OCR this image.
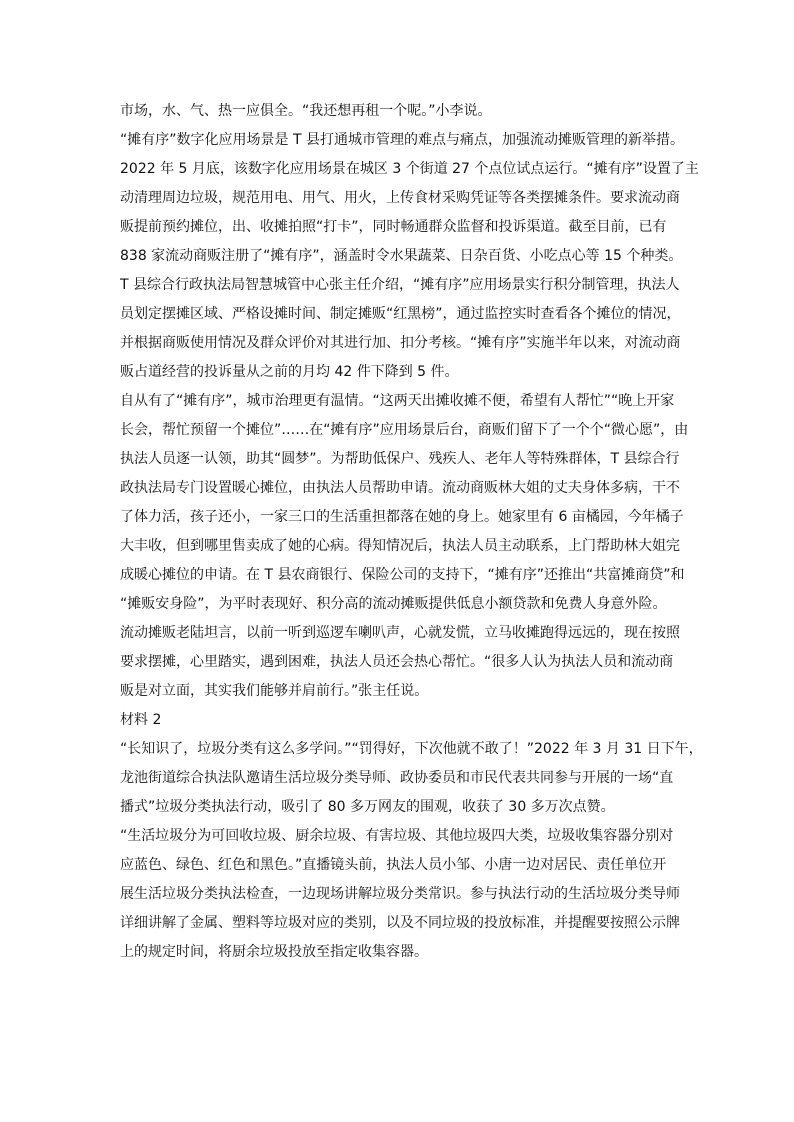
市场，水、气、热一应俱全。“我还想再租一个呢。”小李说。
“摊有序”数字化应用场景是 T 县打通城市管理的难点与痛点，加强流动摊贩管理的新举措。
2022 年 5 月底，该数字化应用场景在城区 3 个街道 27 个点位试点运行。“摊有序”设置了主
动清理周边垃圾，规范用电、用气、用火，上传食材采购凭证等各类摆摊条件。要求流动商
贩提前预约摊位，出、收摊拍照“打卡”，同时畅通群众监督和投诉渠道。截至目前，已有
838 家流动商贩注册了“摊有序”，涵盖时令水果蔬菜、日杂百货、小吃点心等 15 个种类。
T 县综合行政执法局智慧城管中心张主任介绍，“摊有序”应用场景实行积分制管理，执法人
员划定摆摊区域、严格设摊时间、制定摊贩“红黑榜”，通过监控实时查看各个摊位的情况，
并根据商贩使用情况及群众评价对其进行加、扣分考核。“摊有序”实施半年以来，对流动商
贩占道经营的投诉量从之前的月均 42 件下降到 5 件。
自从有了“摊有序”，城市治理更有温情。“这两天出摊收摊不便，希望有人帮忙”“晚上开家
长会，帮忙预留一个摊位”……在“摊有序”应用场景后台，商贩们留下了一个个“微心愿”，由
执法人员逐一认领，助其“圆梦”。为帮助低保户、残疾人、老年人等特殊群体，T 县综合行
政执法局专门设置暖心摊位，由执法人员帮助申请。流动商贩林大姐的丈夫身体多病，干不
了体力活，孩子还小，一家三口的生活重担都落在她的身上。她家里有 6 亩橘园，今年橘子
大丰收，但到哪里售卖成了她的心病。得知情况后，执法人员主动联系，上门帮助林大姐完
成暖心摊位的申请。在 T 县农商银行、保险公司的支持下，“摊有序”还推出“共富摊商贷”和
“摊贩安身险”，为平时表现好、积分高的流动摊贩提供低息小额贷款和免费人身意外险。
流动摊贩老陆坦言，以前一听到巡逻车喇叭声，心就发慌，立马收摊跑得远远的，现在按照
要求摆摊，心里踏实，遇到困难，执法人员还会热心帮忙。“很多人认为执法人员和流动商
贩是对立面，其实我们能够并肩前行。”张主任说。
材料 2
“长知识了，垃圾分类有这么多学问。”“罚得好，下次他就不敢了！”2022 年 3 月 31 日下午，
龙池街道综合执法队邀请生活垃圾分类导师、政协委员和市民代表共同参与开展的一场“直
播式”垃圾分类执法行动，吸引了 80 多万网友的围观，收获了 30 多万次点赞。
“生活垃圾分为可回收垃圾、厨余垃圾、有害垃圾、其他垃圾四大类，垃圾收集容器分别对
应蓝色、绿色、红色和黑色。”直播镜头前，执法人员小邹、小唐一边对居民、责任单位开
展生活垃圾分类执法检查，一边现场讲解垃圾分类常识。参与执法行动的生活垃圾分类导师
详细讲解了金属、塑料等垃圾对应的类别，以及不同垃圾的投放标准，并提醒要按照公示牌
上的规定时间，将厨余垃圾投放至指定收集容器。
